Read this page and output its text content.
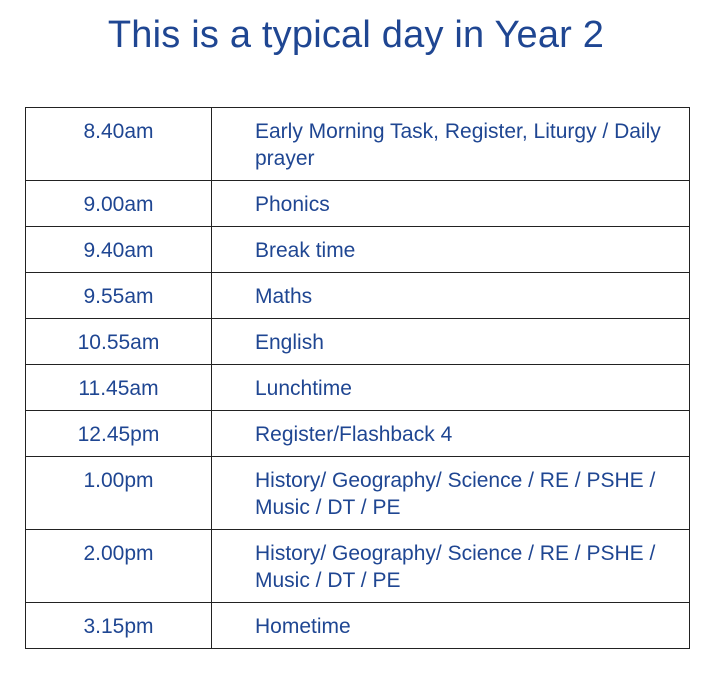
This is a typical day in Year 2
8.40am	Early Morning Task, Register, Liturgy / Daily prayer
9.00am	Phonics
9.40am	Break time
9.55am	Maths
10.55am	English
11.45am	Lunchtime
12.45pm	Register/Flashback 4
1.00pm	History/ Geography/ Science / RE / PSHE / Music / DT / PE
2.00pm	History/ Geography/ Science / RE / PSHE / Music / DT / PE
3.15pm	Hometime
